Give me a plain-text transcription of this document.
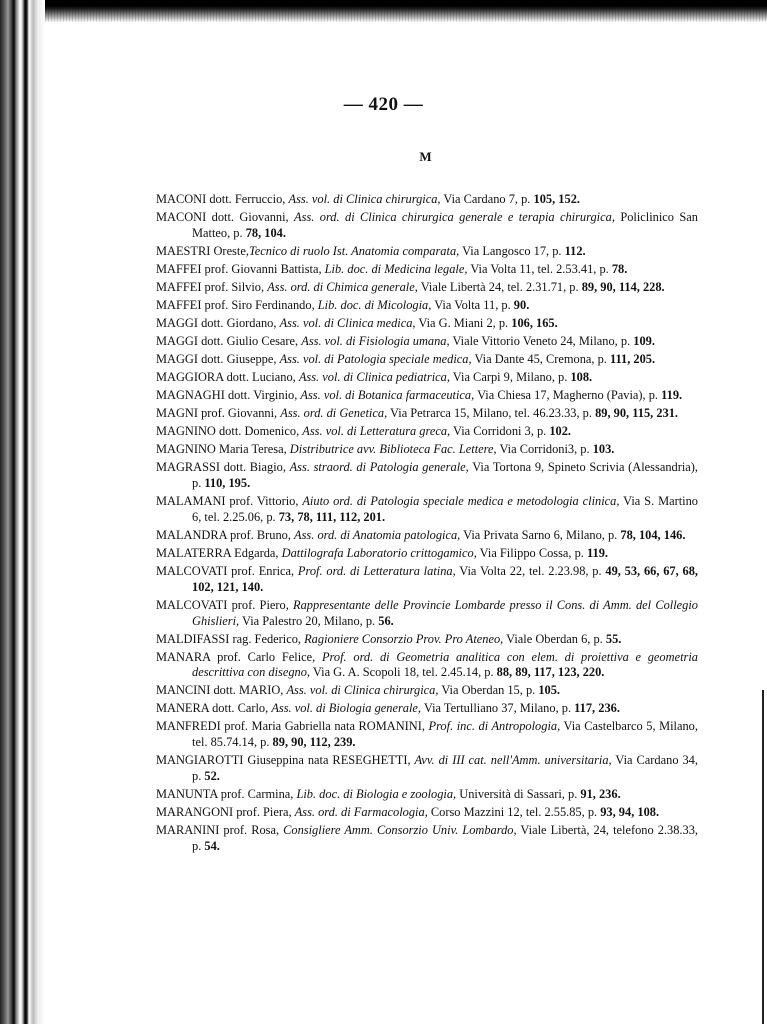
— 420 —
M
MACONI dott. Ferruccio, Ass. vol. di Clinica chirurgica, Via Cardano 7, p. 105, 152.
MACONI dott. Giovanni, Ass. ord. di Clinica chirurgica generale e terapia chirurgica, Policlinico San Matteo, p. 78, 104.
MAESTRI Oreste,Tecnico di ruolo Ist. Anatomia comparata, Via Langosco 17, p. 112.
MAFFEI prof. Giovanni Battista, Lib. doc. di Medicina legale, Via Volta 11, tel. 2.53.41, p. 78.
MAFFEI prof. Silvio, Ass. ord. di Chimica generale, Viale Libertà 24, tel. 2.31.71, p. 89, 90, 114, 228.
MAFFEI prof. Siro Ferdinando, Lib. doc. di Micologia, Via Volta 11, p. 90.
MAGGI dott. Giordano, Ass. vol. di Clinica medica, Via G. Miani 2, p. 106, 165.
MAGGI dott. Giulio Cesare, Ass. vol. di Fisiologia umana, Viale Vittorio Veneto 24, Milano, p. 109.
MAGGI dott. Giuseppe, Ass. vol. di Patologia speciale medica, Via Dante 45, Cremona, p. 111, 205.
MAGGIORA dott. Luciano, Ass. vol. di Clinica pediatrica, Via Carpi 9, Milano, p. 108.
MAGNAGHI dott. Virginio, Ass. vol. di Botanica farmaceutica, Via Chiesa 17, Magherno (Pavia), p. 119.
MAGNI prof. Giovanni, Ass. ord. di Genetica, Via Petrarca 15, Milano, tel. 46.23.33, p. 89, 90, 115, 231.
MAGNINO dott. Domenico, Ass. vol. di Letteratura greca, Via Corridoni 3, p. 102.
MAGNINO Maria Teresa, Distributrice avv. Biblioteca Fac. Lettere, Via Corridoni3, p. 103.
MAGRASSI dott. Biagio, Ass. straord. di Patologia generale, Via Tortona 9, Spineto Scrivia (Alessandria), p. 110, 195.
MALAMANI prof. Vittorio, Aiuto ord. di Patologia speciale medica e metodologia clinica, Via S. Martino 6, tel. 2.25.06, p. 73, 78, 111, 112, 201.
MALANDRA prof. Bruno, Ass. ord. di Anatomia patologica, Via Privata Sarno 6, Milano, p. 78, 104, 146.
MALATERRA Edgarda, Dattilografa Laboratorio crittogamico, Via Filippo Cossa, p. 119.
MALCOVATI prof. Enrica, Prof. ord. di Letteratura latina, Via Volta 22, tel. 2.23.98, p. 49, 53, 66, 67, 68, 102, 121, 140.
MALCOVATI prof. Piero, Rappresentante delle Provincie Lombarde presso il Cons. di Amm. del Collegio Ghislieri, Via Palestro 20, Milano, p. 56.
MALDIFASSI rag. Federico, Ragioniere Consorzio Prov. Pro Ateneo, Viale Oberdan 6, p. 55.
MANARA prof. Carlo Felice, Prof. ord. di Geometria analitica con elem. di proiettiva e geometria descrittiva con disegno, Via G. A. Scopoli 18, tel. 2.45.14, p. 88, 89, 117, 123, 220.
MANCINI dott. MARIO, Ass. vol. di Clinica chirurgica, Via Oberdan 15, p. 105.
MANERA dott. Carlo, Ass. vol. di Biologia generale, Via Tertulliano 37, Milano, p. 117, 236.
MANFREDI prof. Maria Gabriella nata ROMANINI, Prof. inc. di Antropologia, Via Castelbarco 5, Milano, tel. 85.74.14, p. 89, 90, 112, 239.
MANGIAROTTI Giuseppina nata RESEGHETTI, Avv. di III cat. nell'Amm. universitaria, Via Cardano 34, p. 52.
MANUNTA prof. Carmina, Lib. doc. di Biologia e zoologia, Università di Sassari, p. 91, 236.
MARANGONI prof. Piera, Ass. ord. di Farmacologia, Corso Mazzini 12, tel. 2.55.85, p. 93, 94, 108.
MARANINI prof. Rosa, Consigliere Amm. Consorzio Univ. Lombardo, Viale Libertà, 24, telefono 2.38.33, p. 54.
